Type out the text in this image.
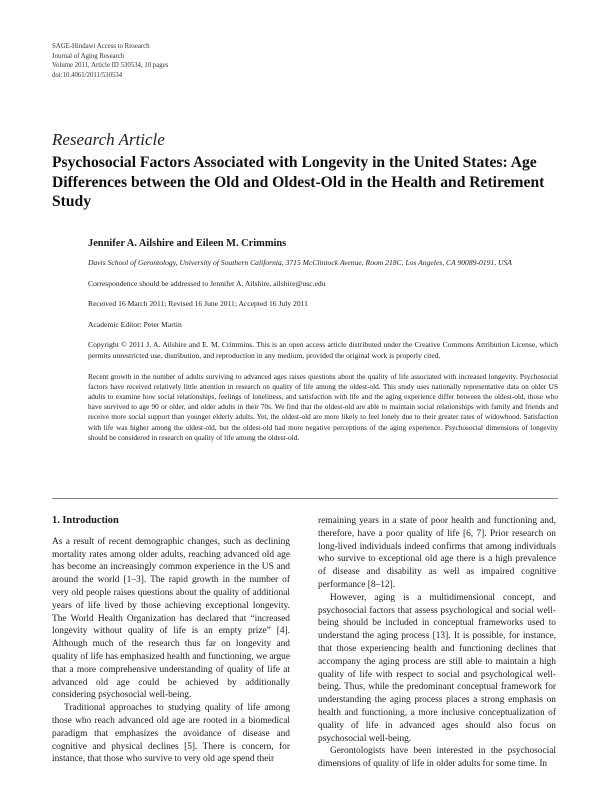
SAGE-Hindawi Access to Research
Journal of Aging Research
Volume 2011, Article ID 530534, 10 pages
doi:10.4061/2011/530534
Research Article
Psychosocial Factors Associated with Longevity in the United States: Age Differences between the Old and Oldest-Old in the Health and Retirement Study

Jennifer A. Ailshire and Eileen M. Crimmins

Davis School of Gerontology, University of Southern California, 3715 McClintock Avenue, Room 218C, Los Angeles, CA 90089-0191, USA

Correspondence should be addressed to Jennifer A. Ailshire, ailshire@usc.edu

Received 16 March 2011; Revised 16 June 2011; Accepted 16 July 2011

Academic Editor: Peter Martin

Copyright © 2011 J. A. Ailshire and E. M. Crimmins. This is an open access article distributed under the Creative Commons Attribution License, which permits unrestricted use, distribution, and reproduction in any medium, provided the original work is properly cited.

Recent growth in the number of adults surviving to advanced ages raises questions about the quality of life associated with increased longevity. Psychosocial factors have received relatively little attention in research on quality of life among the oldest-old. This study uses nationally representative data on older US adults to examine how social relationships, feelings of loneliness, and satisfaction with life and the aging experience differ between the oldest-old, those who have survived to age 90 or older, and older adults in their 70s. We find that the oldest-old are able to maintain social relationships with family and friends and receive more social support than younger elderly adults. Yet, the oldest-old are more likely to feel lonely due to their greater rates of widowhood. Satisfaction with life was higher among the oldest-old, but the oldest-old had more negative perceptions of the aging experience. Psychosocial dimensions of longevity should be considered in research on quality of life among the oldest-old.

1. Introduction

As a result of recent demographic changes, such as declining mortality rates among older adults, reaching advanced old age has become an increasingly common experience in the US and around the world [1–3]. The rapid growth in the number of very old people raises questions about the quality of additional years of life lived by those achieving exceptional longevity. The World Health Organization has declared that “increased longevity without quality of life is an empty prize” [4]. Although much of the research thus far on longevity and quality of life has emphasized health and functioning, we argue that a more comprehensive understanding of quality of life at advanced old age could be achieved by additionally considering psychosocial well-being.

Traditional approaches to studying quality of life among those who reach advanced old age are rooted in a biomedical paradigm that emphasizes the avoidance of disease and cognitive and physical declines [5]. There is concern, for instance, that those who survive to very old age spend their

remaining years in a state of poor health and functioning and, therefore, have a poor quality of life [6, 7]. Prior research on long-lived individuals indeed confirms that among individuals who survive to exceptional old age there is a high prevalence of disease and disability as well as impaired cognitive performance [8–12].

However, aging is a multidimensional concept, and psychosocial factors that assess psychological and social well-being should be included in conceptual frameworks used to understand the aging process [13]. It is possible, for instance, that those experiencing health and functioning declines that accompany the aging process are still able to maintain a high quality of life with respect to social and psychological well-being. Thus, while the predominant conceptual framework for understanding the aging process places a strong emphasis on health and functioning, a more inclusive conceptualization of quality of life in advanced ages should also focus on psychosocial well-being.

Gerontologists have been interested in the psychosocial dimensions of quality of life in older adults for some time. In
